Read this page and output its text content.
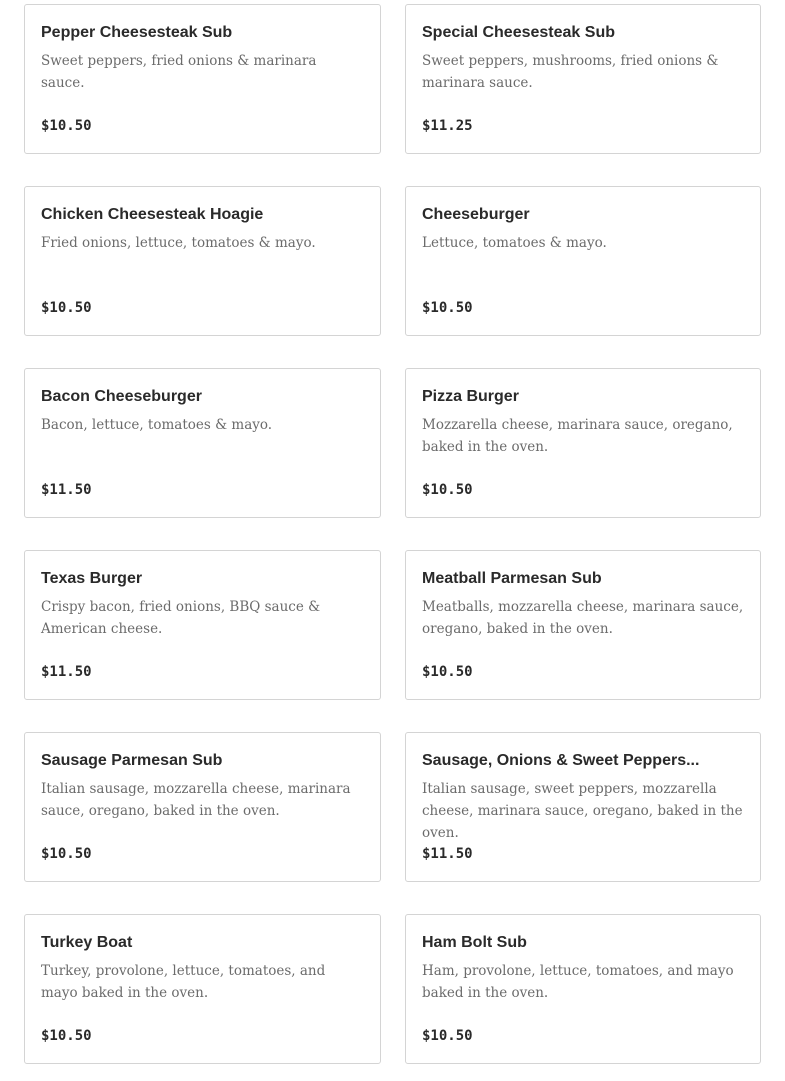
Pepper Cheesesteak Sub
Sweet peppers, fried onions & marinara sauce.
$10.50
Special Cheesesteak Sub
Sweet peppers, mushrooms, fried onions & marinara sauce.
$11.25
Chicken Cheesesteak Hoagie
Fried onions, lettuce, tomatoes & mayo.
$10.50
Cheeseburger
Lettuce, tomatoes & mayo.
$10.50
Bacon Cheeseburger
Bacon, lettuce, tomatoes & mayo.
$11.50
Pizza Burger
Mozzarella cheese, marinara sauce, oregano, baked in the oven.
$10.50
Texas Burger
Crispy bacon, fried onions, BBQ sauce & American cheese.
$11.50
Meatball Parmesan Sub
Meatballs, mozzarella cheese, marinara sauce, oregano, baked in the oven.
$10.50
Sausage Parmesan Sub
Italian sausage, mozzarella cheese, marinara sauce, oregano, baked in the oven.
$10.50
Sausage, Onions & Sweet Peppers...
Italian sausage, sweet peppers, mozzarella cheese, marinara sauce, oregano, baked in the oven.
$11.50
Turkey Boat
Turkey, provolone, lettuce, tomatoes, and mayo baked in the oven.
$10.50
Ham Bolt Sub
Ham, provolone, lettuce, tomatoes, and mayo baked in the oven.
$10.50
